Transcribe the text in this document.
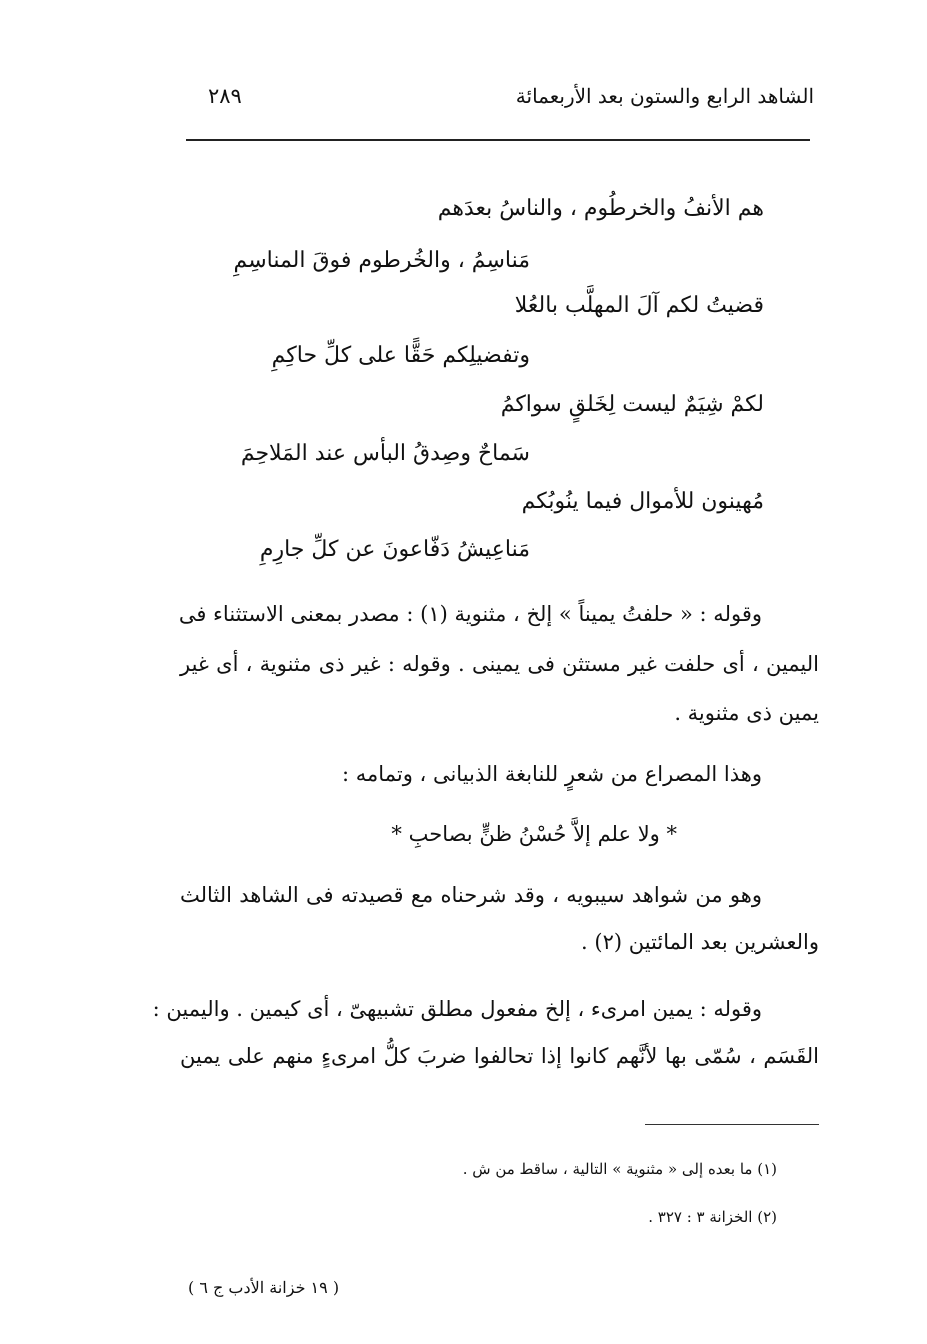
الشاهد الرابع والستون بعد الأربعمائة
٢٨٩
هم الأنفُ والخرطُوم ، والناسُ بعدَهم
مَناسِمُ ، والخُرطوم فوقَ المناسِمِ
قضيتُ لكم آلَ المهلَّب بالعُلا
وتفضيلِكم حَقًّا على كلِّ حاكِمِ
لكمْ شِيَمٌ ليست لِخَلقٍ سواكمُ
سَماحٌ وصِدقُ البأس عند المَلاحِمَ
مُهينون للأموال فيما ينُوبُكم
مَناعِيشُ دَفّاعونَ عن كلِّ جارِمِ
وقوله : « حلفتُ يميناً » إلخ ، مثنوية (١) : مصدر بمعنى الاستثناء فى
اليمين ، أى حلفت غير مستثن فى يمينى . وقوله : غير ذى مثنوية ، أى غير
يمين ذى مثنوية .
وهذا المصراع من شعرٍ للنابغة الذبيانى ، وتمامه :
* ولا علم إلاَّ حُسْنُ ظنٍّ بصاحبِ *
وهو من شواهد سيبويه ، وقد شرحناه مع قصيدته فى الشاهد الثالث
والعشرين بعد المائتين (٢) .
وقوله : يمين امرىء ، إلخ مفعول مطلق تشبيهىّ ، أى كيمين . واليمين :
القَسَم ، سُمّى بها لأنَّهم كانوا إذا تحالفوا ضربَ كلُّ امرىءٍ منهم على يمين
(١) ما بعده إلى « مثنوية » التالية ، ساقط من ش .
(٢) الخزانة ٣ : ٣٢٧ .
( ١٩ خزانة الأدب ج ٦ )
